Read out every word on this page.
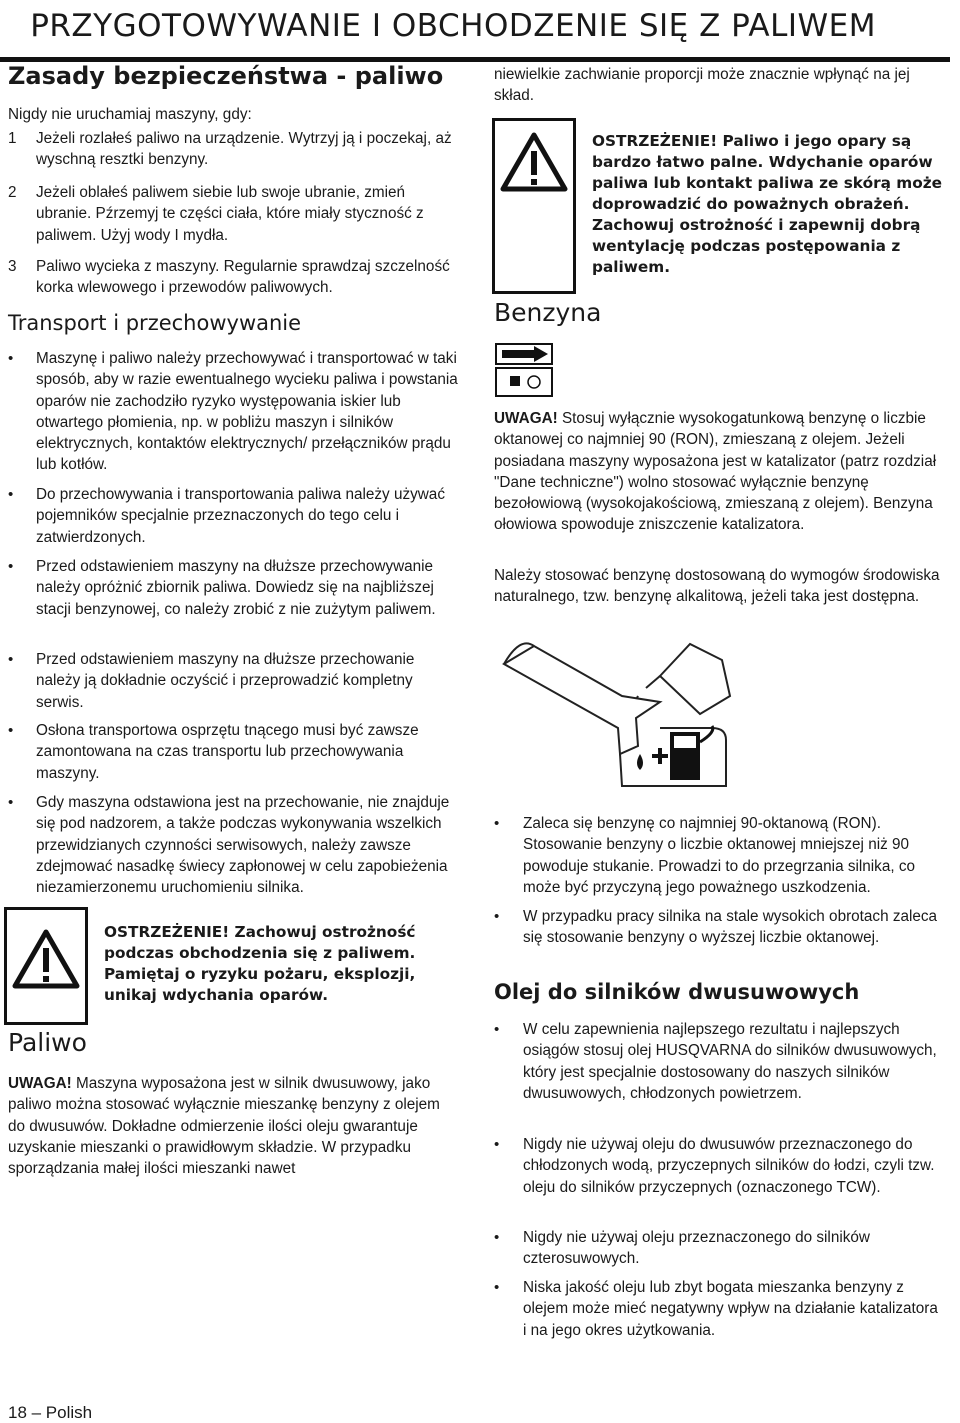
PRZYGOTOWYWANIE I OBCHODZENIE SIĘ Z PALIWEM
Zasady bezpieczeństwa - paliwo
Nigdy nie uruchamiaj maszyny, gdy:
1 Jeżeli rozlałeś paliwo na urządzenie. Wytrzyj ją i poczekaj, aż wyschną resztki benzyny.
2 Jeżeli oblałeś paliwem siebie lub swoje ubranie, zmień ubranie. Pźrzemyj te części ciała, które miały styczność z paliwem. Użyj wody I mydła.
3 Paliwo wycieka z maszyny. Regularnie sprawdzaj szczelność korka wlewowego i przewodów paliwowych.
Transport i przechowywanie
• Maszynę i paliwo należy przechowywać i transportować w taki sposób, aby w razie ewentualnego wycieku paliwa i powstania oparów nie zachodziło ryzyko występowania iskier lub otwartego płomienia, np. w pobliżu maszyn i silników elektrycznych, kontaktów elektrycznych/ przełączników prądu lub kotłów.
• Do przechowywania i transportowania paliwa należy używać pojemników specjalnie przeznaczonych do tego celu i zatwierdzonych.
• Przed odstawieniem maszyny na dłuższe przechowywanie należy opróżnić zbiornik paliwa. Dowiedz się na najbliższej stacji benzynowej, co należy zrobić z nie zużytym paliwem.
• Przed odstawieniem maszyny na dłuższe przechowanie należy ją dokładnie oczyścić i przeprowadzić kompletny serwis.
• Osłona transportowa osprzętu tnącego musi być zawsze zamontowana na czas transportu lub przechowywania maszyny.
• Gdy maszyna odstawiona jest na przechowanie, nie znajduje się pod nadzorem, a także podczas wykonywania wszelkich przewidzianych czynności serwisowych, należy zawsze zdejmować nasadkę świecy zapłonowej w celu zapobieżenia niezamierzonemu uruchomieniu silnika.
OSTRZEŻENIE! Zachowuj ostrożność podczas obchodzenia się z paliwem. Pamiętaj o ryzyku pożaru, eksplozji, unikaj wdychania oparów.
Paliwo
UWAGA! Maszyna wyposażona jest w silnik dwusuwowy, jako paliwo można stosować wyłącznie mieszankę benzyny z olejem do dwusuwów. Dokładne odmierzenie ilości oleju gwarantuje uzyskanie mieszanki o prawidłowym składzie. W przypadku sporządzania małej ilości mieszanki nawet
niewielkie zachwianie proporcji może znacznie wpłynąć na jej skład.
OSTRZEŻENIE! Paliwo i jego opary są bardzo łatwo palne. Wdychanie oparów paliwa lub kontakt paliwa ze skórą może doprowadzić do poważnych obrażeń. Zachowuj ostrożność i zapewnij dobrą wentylację podczas postępowania z paliwem.
Benzyna
UWAGA! Stosuj wyłącznie wysokogatunkową benzynę o liczbie oktanowej co najmniej 90 (RON), zmieszaną z olejem. Jeżeli posiadana maszyny wyposażona jest w katalizator (patrz rozdział "Dane techniczne") wolno stosować wyłącznie benzynę bezołowiową (wysokojakościową, zmieszaną z olejem). Benzyna ołowiowa spowoduje zniszczenie katalizatora.
Należy stosować benzynę dostosowaną do wymogów środowiska naturalnego, tzw. benzynę alkalitową, jeżeli taka jest dostępna.
• Zaleca się benzynę co najmniej 90-oktanową (RON). Stosowanie benzyny o liczbie oktanowej mniejszej niż 90 powoduje stukanie. Prowadzi to do przegrzania silnika, co może być przyczyną jego poważnego uszkodzenia.
• W przypadku pracy silnika na stale wysokich obrotach zaleca się stosowanie benzyny o wyższej liczbie oktanowej.
Olej do silników dwusuwowych
• W celu zapewnienia najlepszego rezultatu i najlepszych osiągów stosuj olej HUSQVARNA do silników dwusuwowych, który jest specjalnie dostosowany do naszych silników dwusuwowych, chłodzonych powietrzem.
• Nigdy nie używaj oleju do dwusuwów przeznaczonego do chłodzonych wodą, przyczepnych silników do łodzi, czyli tzw. oleju do silników przyczepnych (oznaczonego TCW).
• Nigdy nie używaj oleju przeznaczonego do silników czterosuwowych.
• Niska jakość oleju lub zbyt bogata mieszanka benzyny z olejem może mieć negatywny wpływ na działanie katalizatora i na jego okres użytkowania.
18 – Polish
